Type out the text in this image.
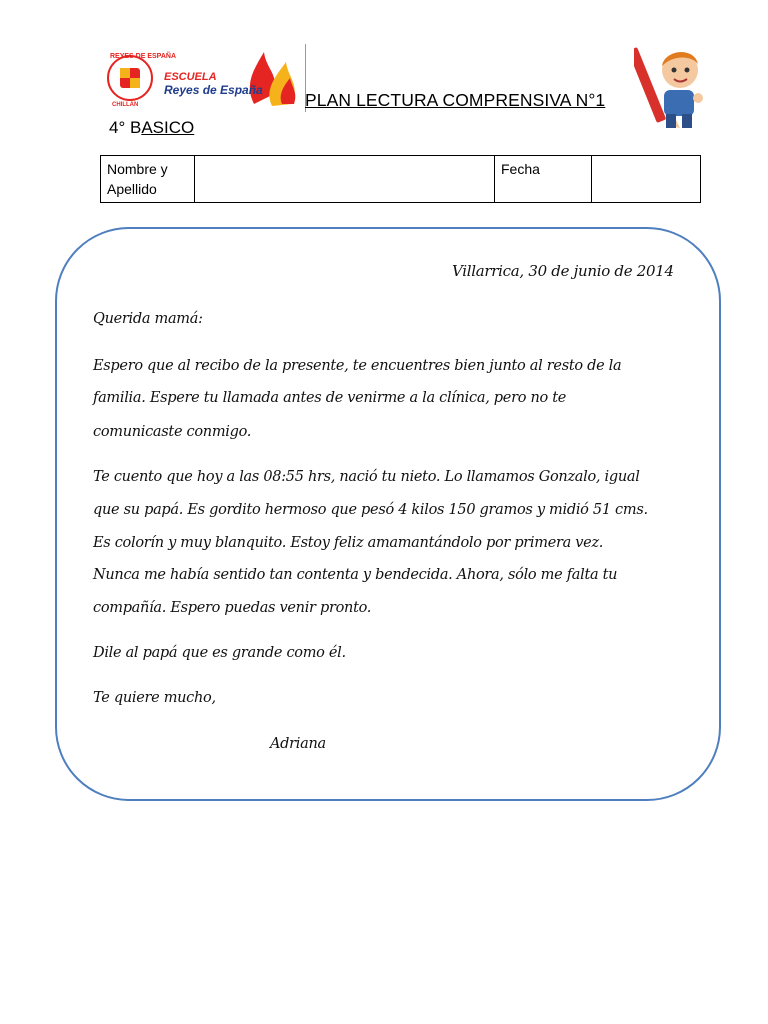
REYES DE ESPAÑA
CHILLAN
ESCUELA
Reyes de España PLAN LECTURA COMPRENSIVA N°1
4° BASICO
Nombre y Apellido		Fecha	
Villarrica, 30 de junio de 2014
Querida mamá:
Espero que al recibo de la presente, te encuentres bien junto al resto de la
familia. Espere tu llamada antes de venirme a la clínica, pero no te
comunicaste conmigo.
Te cuento que hoy a las 08:55 hrs, nació tu nieto. Lo llamamos Gonzalo, igual
que su papá. Es gordito hermoso que pesó 4 kilos 150 gramos y midió 51 cms.
Es colorín y muy blanquito. Estoy feliz amamantándolo por primera vez.
Nunca me había sentido tan contenta y bendecida. Ahora, sólo me falta tu
compañía. Espero puedas venir pronto.
Dile al papá que es grande como él.
Te quiere mucho,
Adriana
